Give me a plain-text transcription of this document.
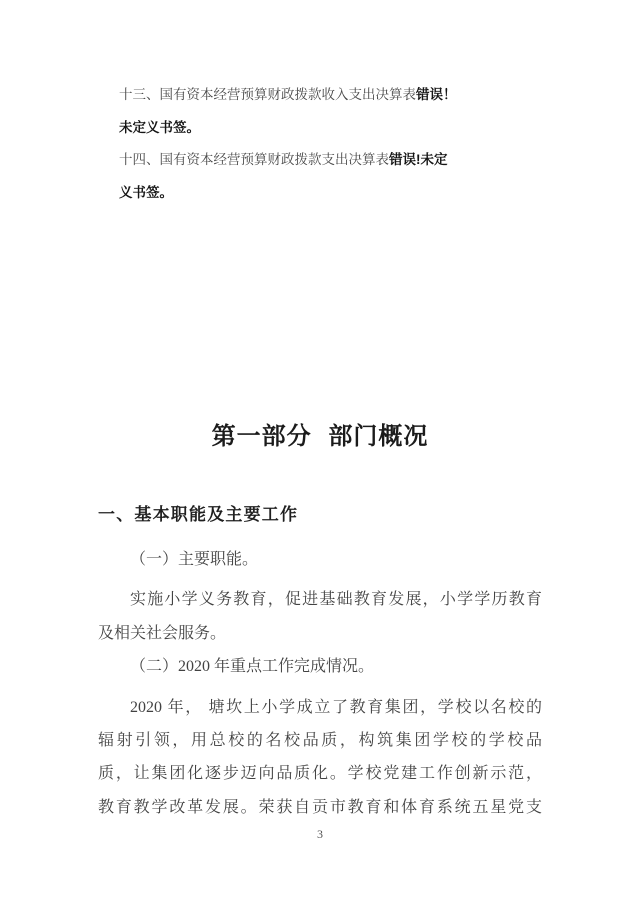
十三、国有资本经营预算财政拨款收入支出决算表错误！
未定义书签。
十四、国有资本经营预算财政拨款支出决算表错误!未定
义书签。
第一部分 部门概况
一、基本职能及主要工作
（一）主要职能。
实施小学义务教育，促进基础教育发展，小学学历教育
及相关社会服务。
（二）2020 年重点工作完成情况。
2020 年， 塘坎上小学成立了教育集团，学校以名校的
辐射引领，用总校的名校品质，构筑集团学校的学校品
质，让集团化逐步迈向品质化。学校党建工作创新示范，
教育教学改革发展。荣获自贡市教育和体育系统五星党支
3
